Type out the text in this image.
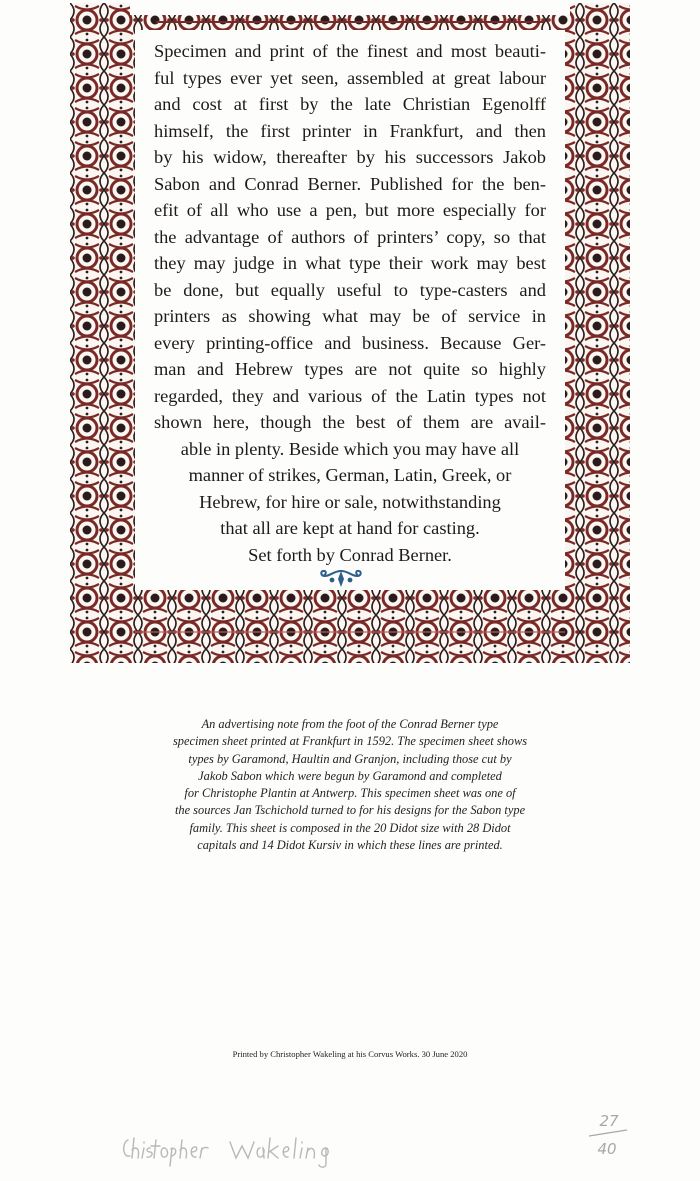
Specimen and print of the finest and most beauti-
ful types ever yet seen, assembled at great labour
and cost at first by the late Christian Egenolff
himself, the first printer in Frankfurt, and then
by his widow, thereafter by his successors Jakob
Sabon and Conrad Berner. Published for the ben-
efit of all who use a pen, but more especially for
the advantage of authors of printers’ copy, so that
they may judge in what type their work may best
be done, but equally useful to type-casters and
printers as showing what may be of service in
every printing-office and business. Because Ger-
man and Hebrew types are not quite so highly
regarded, they and various of the Latin types not
shown here, though the best of them are avail-
able in plenty. Beside which you may have all
manner of strikes, German, Latin, Greek, or
Hebrew, for hire or sale, notwithstanding
that all are kept at hand for casting.
Set forth by Conrad Berner.

An advertising note from the foot of the Conrad Berner type
specimen sheet printed at Frankfurt in 1592. The specimen sheet shows
types by Garamond, Haultin and Granjon, including those cut by
Jakob Sabon which were begun by Garamond and completed
for Christophe Plantin at Antwerp. This specimen sheet was one of
the sources Jan Tschichold turned to for his designs for the Sabon type
family. This sheet is composed in the 20 Didot size with 28 Didot
capitals and 14 Didot Kursiv in which these lines are printed.
Printed by Christopher Wakeling at his Corvus Works. 30 June 2020
27
40
